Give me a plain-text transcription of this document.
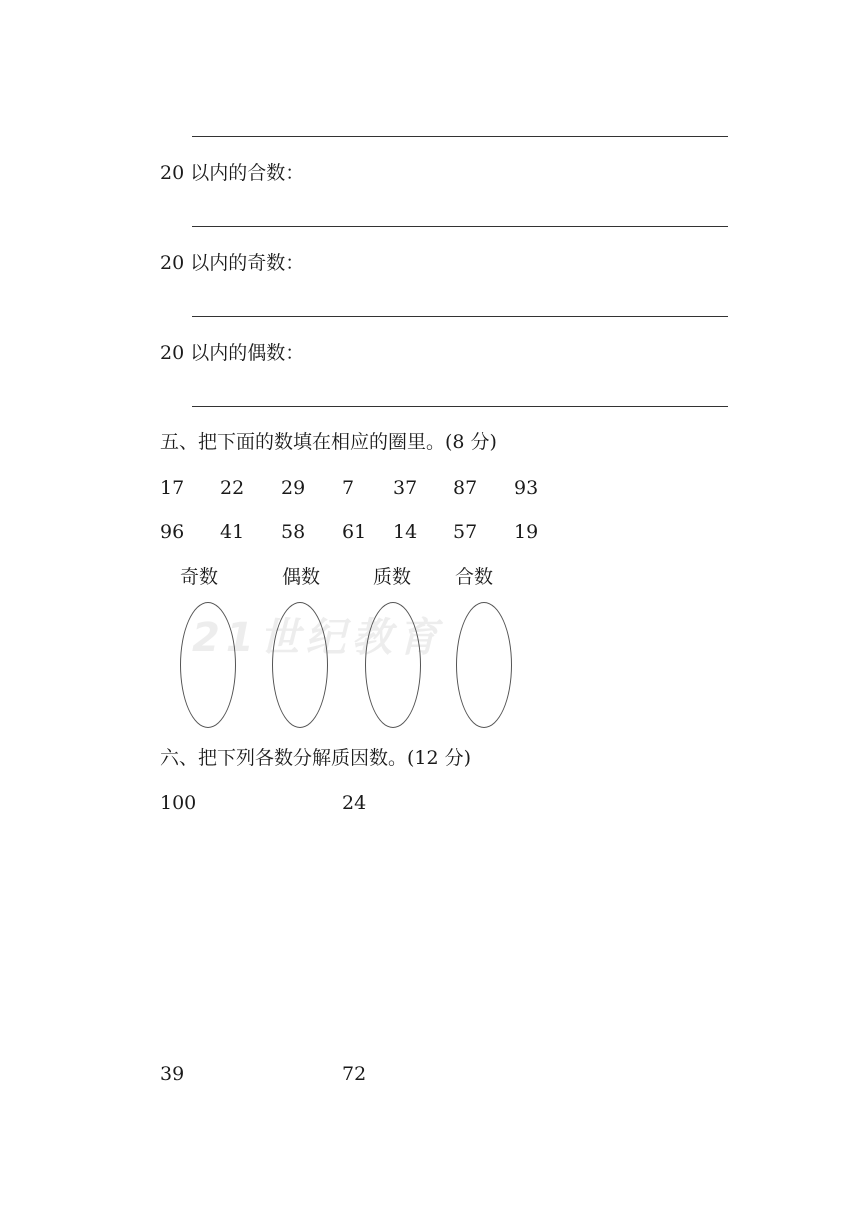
20 以内的合数：
20 以内的奇数：
20 以内的偶数：
五、把下面的数填在相应的圈里。(8 分)
17 22 29 7 37 87 93
96 41 58 61 14 57 19
奇数	偶数	质数 合数
21世纪教育
六、把下列各数分解质因数。(12 分)
100	24
39	72
